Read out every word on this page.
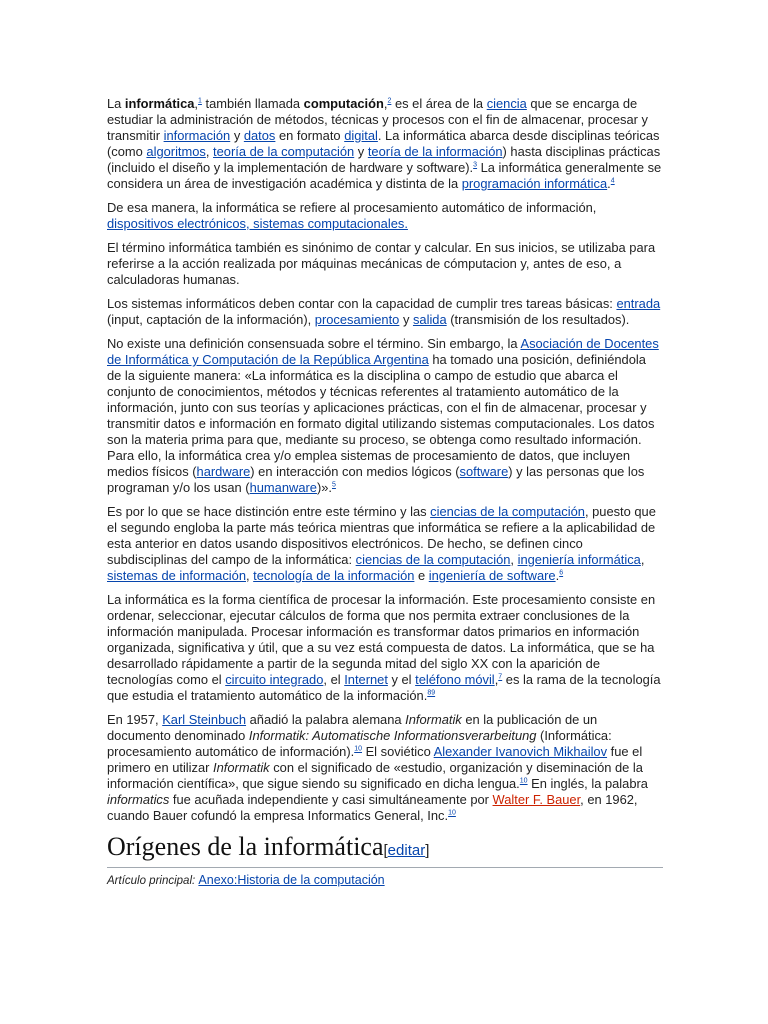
La informática,$^1$ también llamada computación,$^2$ es el área de la ciencia que se encarga de estudiar la administración de métodos, técnicas y procesos con el fin de almacenar, procesar y transmitir información y datos en formato digital. La informática abarca desde disciplinas teóricas (como algoritmos, teoría de la computación y teoría de la información) hasta disciplinas prácticas (incluido el diseño y la implementación de hardware y software).$^3$ La informática generalmente se considera un área de investigación académica y distinta de la programación informática.$^4$

De esa manera, la informática se refiere al procesamiento automático de información, dispositivos electrónicos, sistemas computacionales.

El término informática también es sinónimo de contar y calcular. En sus inicios, se utilizaba para referirse a la acción realizada por máquinas mecánicas de cómputacion y, antes de eso, a calculadoras humanas.

Los sistemas informáticos deben contar con la capacidad de cumplir tres tareas básicas: entrada (input, captación de la información), procesamiento y salida (transmisión de los resultados).

No existe una definición consensuada sobre el término. Sin embargo, la Asociación de Docentes de Informática y Computación de la República Argentina ha tomado una posición, definiéndola de la siguiente manera: «La informática es la disciplina o campo de estudio que abarca el conjunto de conocimientos, métodos y técnicas referentes al tratamiento automático de la información, junto con sus teorías y aplicaciones prácticas, con el fin de almacenar, procesar y transmitir datos e información en formato digital utilizando sistemas computacionales. Los datos son la materia prima para que, mediante su proceso, se obtenga como resultado información. Para ello, la informática crea y/o emplea sistemas de procesamiento de datos, que incluyen medios físicos (hardware) en interacción con medios lógicos (software) y las personas que los programan y/o los usan (humanware)».$^5$

Es por lo que se hace distinción entre este término y las ciencias de la computación, puesto que el segundo engloba la parte más teórica mientras que informática se refiere a la aplicabilidad de esta anterior en datos usando dispositivos electrónicos. De hecho, se definen cinco subdisciplinas del campo de la informática: ciencias de la computación, ingeniería informática, sistemas de información, tecnología de la información e ingeniería de software.$^6$

La informática es la forma científica de procesar la información. Este procesamiento consiste en ordenar, seleccionar, ejecutar cálculos de forma que nos permita extraer conclusiones de la información manipulada. Procesar información es transformar datos primarios en información organizada, significativa y útil, que a su vez está compuesta de datos. La informática, que se ha desarrollado rápidamente a partir de la segunda mitad del siglo XX con la aparición de tecnologías como el circuito integrado, el Internet y el teléfono móvil,$^7$ es la rama de la tecnología que estudia el tratamiento automático de la información.$^{89}$

En 1957, Karl Steinbuch añadió la palabra alemana Informatik en la publicación de un documento denominado Informatik: Automatische Informationsverarbeitung (Informática: procesamiento automático de información).$^{10}$ El soviético Alexander Ivanovich Mikhailov fue el primero en utilizar Informatik con el significado de «estudio, organización y diseminación de la información científica», que sigue siendo su significado en dicha lengua.$^{10}$ En inglés, la palabra informatics fue acuñada independiente y casi simultáneamente por Walter F. Bauer, en 1962, cuando Bauer cofundó la empresa Informatics General, Inc.$^{10}$

Orígenes de la informática[editar]
Artículo principal: Anexo:Historia de la computación
